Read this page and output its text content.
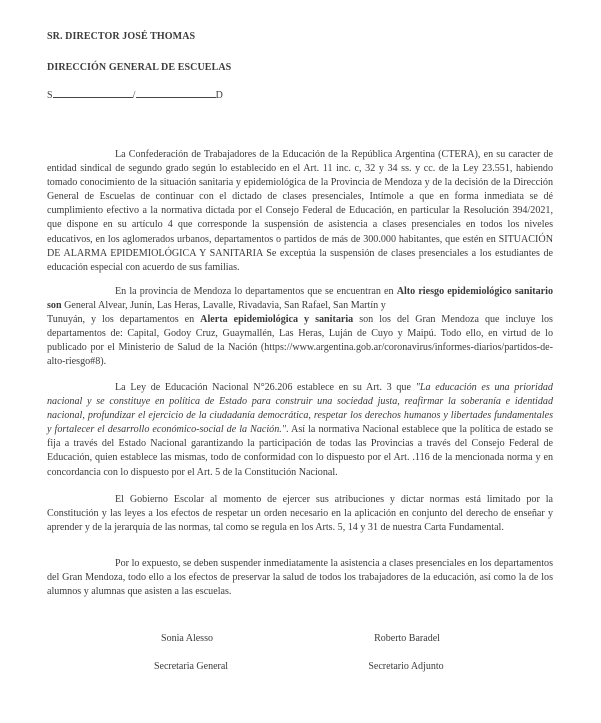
SR. DIRECTOR JOSÉ THOMAS
DIRECCIÓN GENERAL DE ESCUELAS
S	/	D
La Confederación de Trabajadores de la Educación de la República Argentina (CTERA), en su caracter de entidad sindical de segundo grado según lo establecido en el Art. 11 inc. c, 32 y 34 ss. y cc. de la Ley 23.551, habiendo tomado conocimiento de la situación sanitaria y epidemiológica de la Provincia de Mendoza y de la decisión de la Dirección General de Escuelas de continuar con el dictado de clases presenciales, Intímole a que en forma inmediata se dé cumplimiento efectivo a la normativa dictada por el Consejo Federal de Educación, en particular la Resolución 394/2021, que dispone en su artículo 4 que corresponde la suspensión de asistencia a clases presenciales en todos los niveles educativos, en los aglomerados urbanos, departamentos o partidos de más de 300.000 habitantes, que estén en SITUACIÓN DE ALARMA EPIDEMIOLÓGICA Y SANITARIA Se exceptúa la suspensión de clases presenciales a los estudiantes de educación especial con acuerdo de sus familias.
En la provincia de Mendoza lo departamentos que se encuentran en Alto riesgo epidemiológico sanitario son General Alvear, Junín, Las Heras, Lavalle, Rivadavia, San Rafael, San Martín y
Tunuyán, y los departamentos en Alerta epidemiológica y sanitaria son los del Gran Mendoza que incluye los departamentos de: Capital, Godoy Cruz, Guaymallén, Las Heras, Luján de Cuyo y Maipú. Todo ello, en virtud de lo publicado por el Ministerio de Salud de la Nación (https://www.argentina.gob.ar/coronavirus/informes-diarios/partidos-de-alto-riesgo#8).
La Ley de Educación Nacional N°26.206 establece en su Art. 3 que "La educación es una prioridad nacional y se constituye en política de Estado para construir una sociedad justa, reafirmar la soberanía e identidad nacional, profundizar el ejercicio de la ciudadanía democrática, respetar los derechos humanos y libertades fundamentales y fortalecer el desarrollo económico-social de la Nación.". Así la normativa Nacional establece que la política de estado se fija a través del Estado Nacional garantizando la participación de todas las Provincias a través del Consejo Federal de Educación, quien establece las mismas, todo de conformidad con lo dispuesto por el Art. .116 de la mencionada norma y en concordancia con lo dispuesto por el Art. 5 de la Constitución Nacional.
El Gobierno Escolar al momento de ejercer sus atribuciones y dictar normas está limitado por la Constitución y las leyes a los efectos de respetar un orden necesario en la aplicación en conjunto del derecho de enseñar y aprender y de la jerarquía de las normas, tal como se regula en los Arts. 5, 14 y 31 de nuestra Carta Fundamental.
Por lo expuesto, se deben suspender inmediatamente la asistencia a clases presenciales en los departamentos del Gran Mendoza, todo ello a los efectos de preservar la salud de todos los trabajadores de la educación, así como la de los alumnos y alumnas que asisten a las escuelas.
Sonia Alesso
Secretaria General
Roberto Baradel
Secretario Adjunto
